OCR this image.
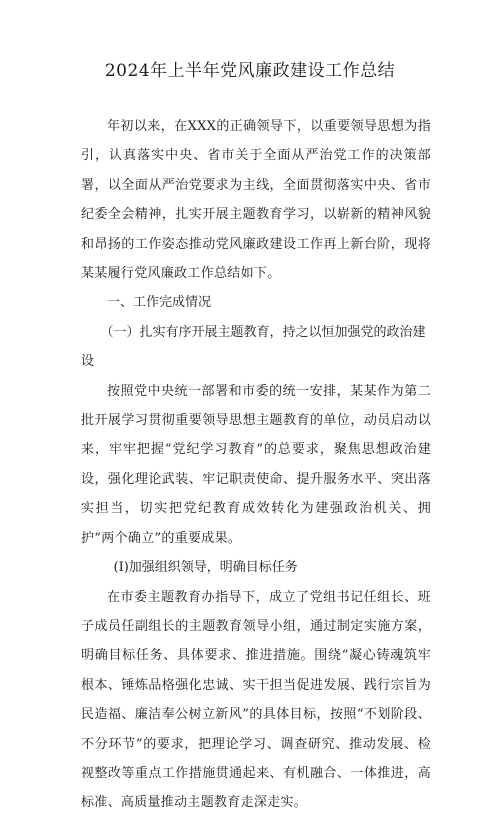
2024年上半年党风廉政建设工作总结

年初以来，在XXX的正确领导下，以重要领导思想为指引，认真落实中央、省市关于全面从严治党工作的决策部署，以全面从严治党要求为主线，全面贯彻落实中央、省市纪委全会精神，扎实开展主题教育学习，以崭新的精神风貌和昂扬的工作姿态推动党风廉政建设工作再上新台阶，现将某某履行党风廉政工作总结如下。

一、工作完成情况

（一）扎实有序开展主题教育，持之以恒加强党的政治建设

按照党中央统一部署和市委的统一安排，某某作为第二批开展学习贯彻重要领导思想主题教育的单位，动员启动以来，牢牢把握“党纪学习教育”的总要求，聚焦思想政治建设，强化理论武装、牢记职责使命、提升服务水平、突出落实担当，切实把党纪教育成效转化为建强政治机关、拥护“两个确立”的重要成果。

(I)加强组织领导，明确目标任务

在市委主题教育办指导下，成立了党组书记任组长、班子成员任副组长的主题教育领导小组，通过制定实施方案，明确目标任务、具体要求、推进措施。围绕“凝心铸魂筑牢根本、锤炼品格强化忠诚、实干担当促进发展、践行宗旨为民造福、廉洁奉公树立新风”的具体目标，按照“不划阶段、不分环节”的要求，把理论学习、调查研究、推动发展、检视整改等重点工作措施贯通起来、有机融合、一体推进，高标准、高质量推动主题教育走深走实。
